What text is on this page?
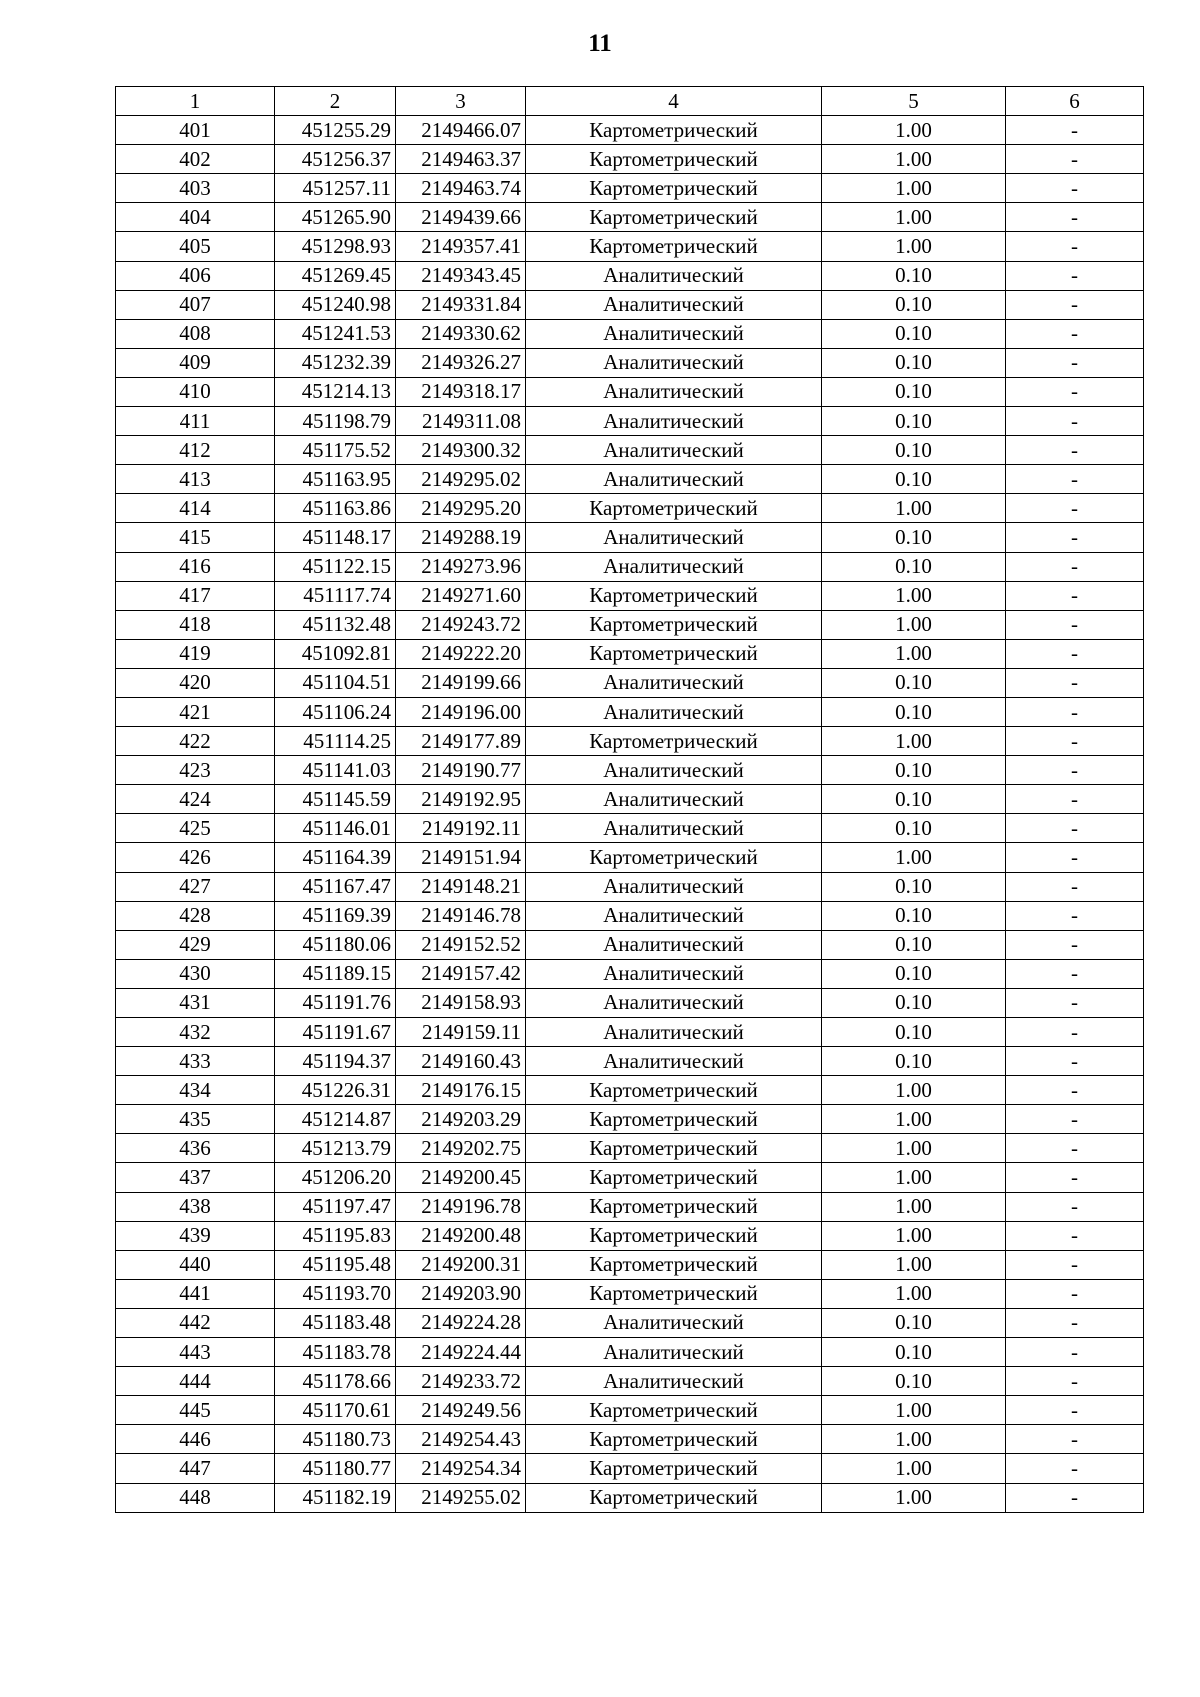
11
1	2	3	4	5	6
401	451255.29	2149466.07	Картометрический	1.00	-
402	451256.37	2149463.37	Картометрический	1.00	-
403	451257.11	2149463.74	Картометрический	1.00	-
404	451265.90	2149439.66	Картометрический	1.00	-
405	451298.93	2149357.41	Картометрический	1.00	-
406	451269.45	2149343.45	Аналитический	0.10	-
407	451240.98	2149331.84	Аналитический	0.10	-
408	451241.53	2149330.62	Аналитический	0.10	-
409	451232.39	2149326.27	Аналитический	0.10	-
410	451214.13	2149318.17	Аналитический	0.10	-
411	451198.79	2149311.08	Аналитический	0.10	-
412	451175.52	2149300.32	Аналитический	0.10	-
413	451163.95	2149295.02	Аналитический	0.10	-
414	451163.86	2149295.20	Картометрический	1.00	-
415	451148.17	2149288.19	Аналитический	0.10	-
416	451122.15	2149273.96	Аналитический	0.10	-
417	451117.74	2149271.60	Картометрический	1.00	-
418	451132.48	2149243.72	Картометрический	1.00	-
419	451092.81	2149222.20	Картометрический	1.00	-
420	451104.51	2149199.66	Аналитический	0.10	-
421	451106.24	2149196.00	Аналитический	0.10	-
422	451114.25	2149177.89	Картометрический	1.00	-
423	451141.03	2149190.77	Аналитический	0.10	-
424	451145.59	2149192.95	Аналитический	0.10	-
425	451146.01	2149192.11	Аналитический	0.10	-
426	451164.39	2149151.94	Картометрический	1.00	-
427	451167.47	2149148.21	Аналитический	0.10	-
428	451169.39	2149146.78	Аналитический	0.10	-
429	451180.06	2149152.52	Аналитический	0.10	-
430	451189.15	2149157.42	Аналитический	0.10	-
431	451191.76	2149158.93	Аналитический	0.10	-
432	451191.67	2149159.11	Аналитический	0.10	-
433	451194.37	2149160.43	Аналитический	0.10	-
434	451226.31	2149176.15	Картометрический	1.00	-
435	451214.87	2149203.29	Картометрический	1.00	-
436	451213.79	2149202.75	Картометрический	1.00	-
437	451206.20	2149200.45	Картометрический	1.00	-
438	451197.47	2149196.78	Картометрический	1.00	-
439	451195.83	2149200.48	Картометрический	1.00	-
440	451195.48	2149200.31	Картометрический	1.00	-
441	451193.70	2149203.90	Картометрический	1.00	-
442	451183.48	2149224.28	Аналитический	0.10	-
443	451183.78	2149224.44	Аналитический	0.10	-
444	451178.66	2149233.72	Аналитический	0.10	-
445	451170.61	2149249.56	Картометрический	1.00	-
446	451180.73	2149254.43	Картометрический	1.00	-
447	451180.77	2149254.34	Картометрический	1.00	-
448	451182.19	2149255.02	Картометрический	1.00	-
